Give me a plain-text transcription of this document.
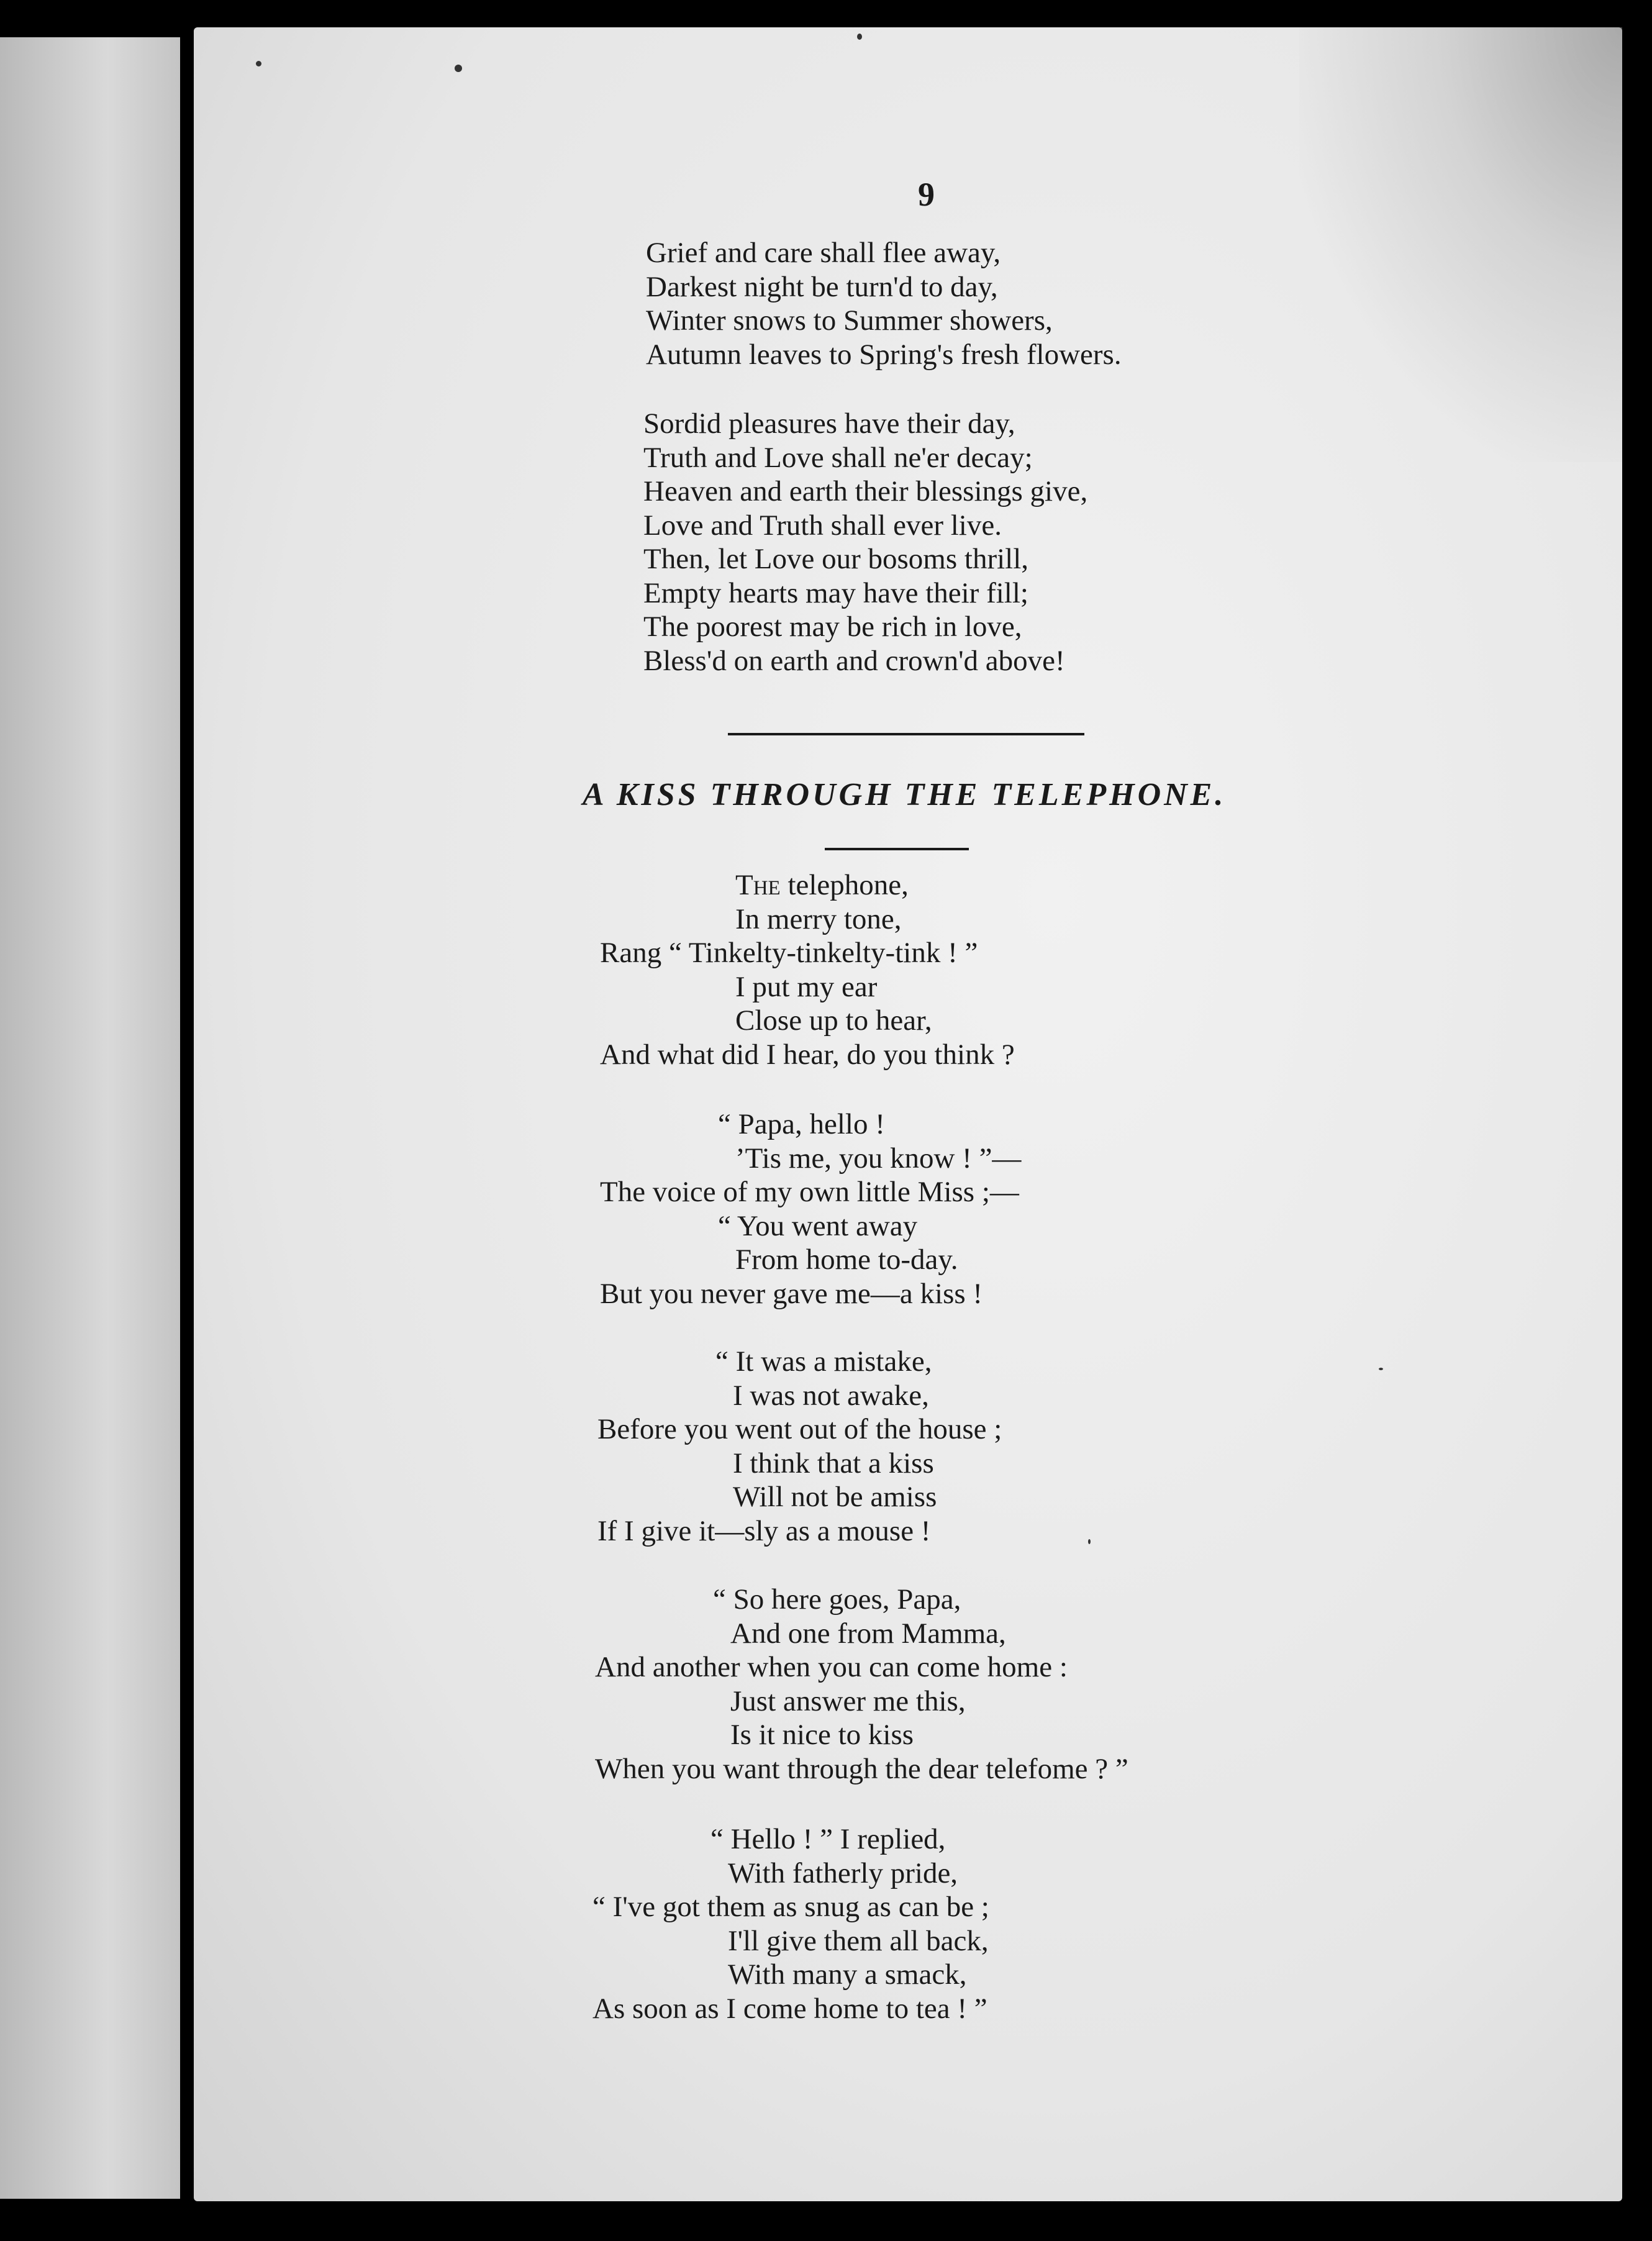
9
Grief and care shall flee away,
Darkest night be turn'd to day,
Winter snows to Summer showers,
Autumn leaves to Spring's fresh flowers.
Sordid pleasures have their day,
Truth and Love shall ne'er decay;
Heaven and earth their blessings give,
Love and Truth shall ever live.
Then, let Love our bosoms thrill,
Empty hearts may have their fill;
The poorest may be rich in love,
Bless'd on earth and crown'd above!
A KISS THROUGH THE TELEPHONE.
The telephone,
In merry tone,
Rang “ Tinkelty-tinkelty-tink ! ”
I put my ear
Close up to hear,
And what did I hear, do you think ?
“ Papa, hello !
’Tis me, you know ! ”—
The voice of my own little Miss ;—
“ You went away
From home to-day.
But you never gave me—a kiss !
“ It was a mistake,
I was not awake,
Before you went out of the house ;
I think that a kiss
Will not be amiss
If I give it—sly as a mouse !
“ So here goes, Papa,
And one from Mamma,
And another when you can come home :
Just answer me this,
Is it nice to kiss
When you want through the dear telefome ? ”
“ Hello ! ” I replied,
With fatherly pride,
“ I've got them as snug as can be ;
I'll give them all back,
With many a smack,
As soon as I come home to tea ! ”
